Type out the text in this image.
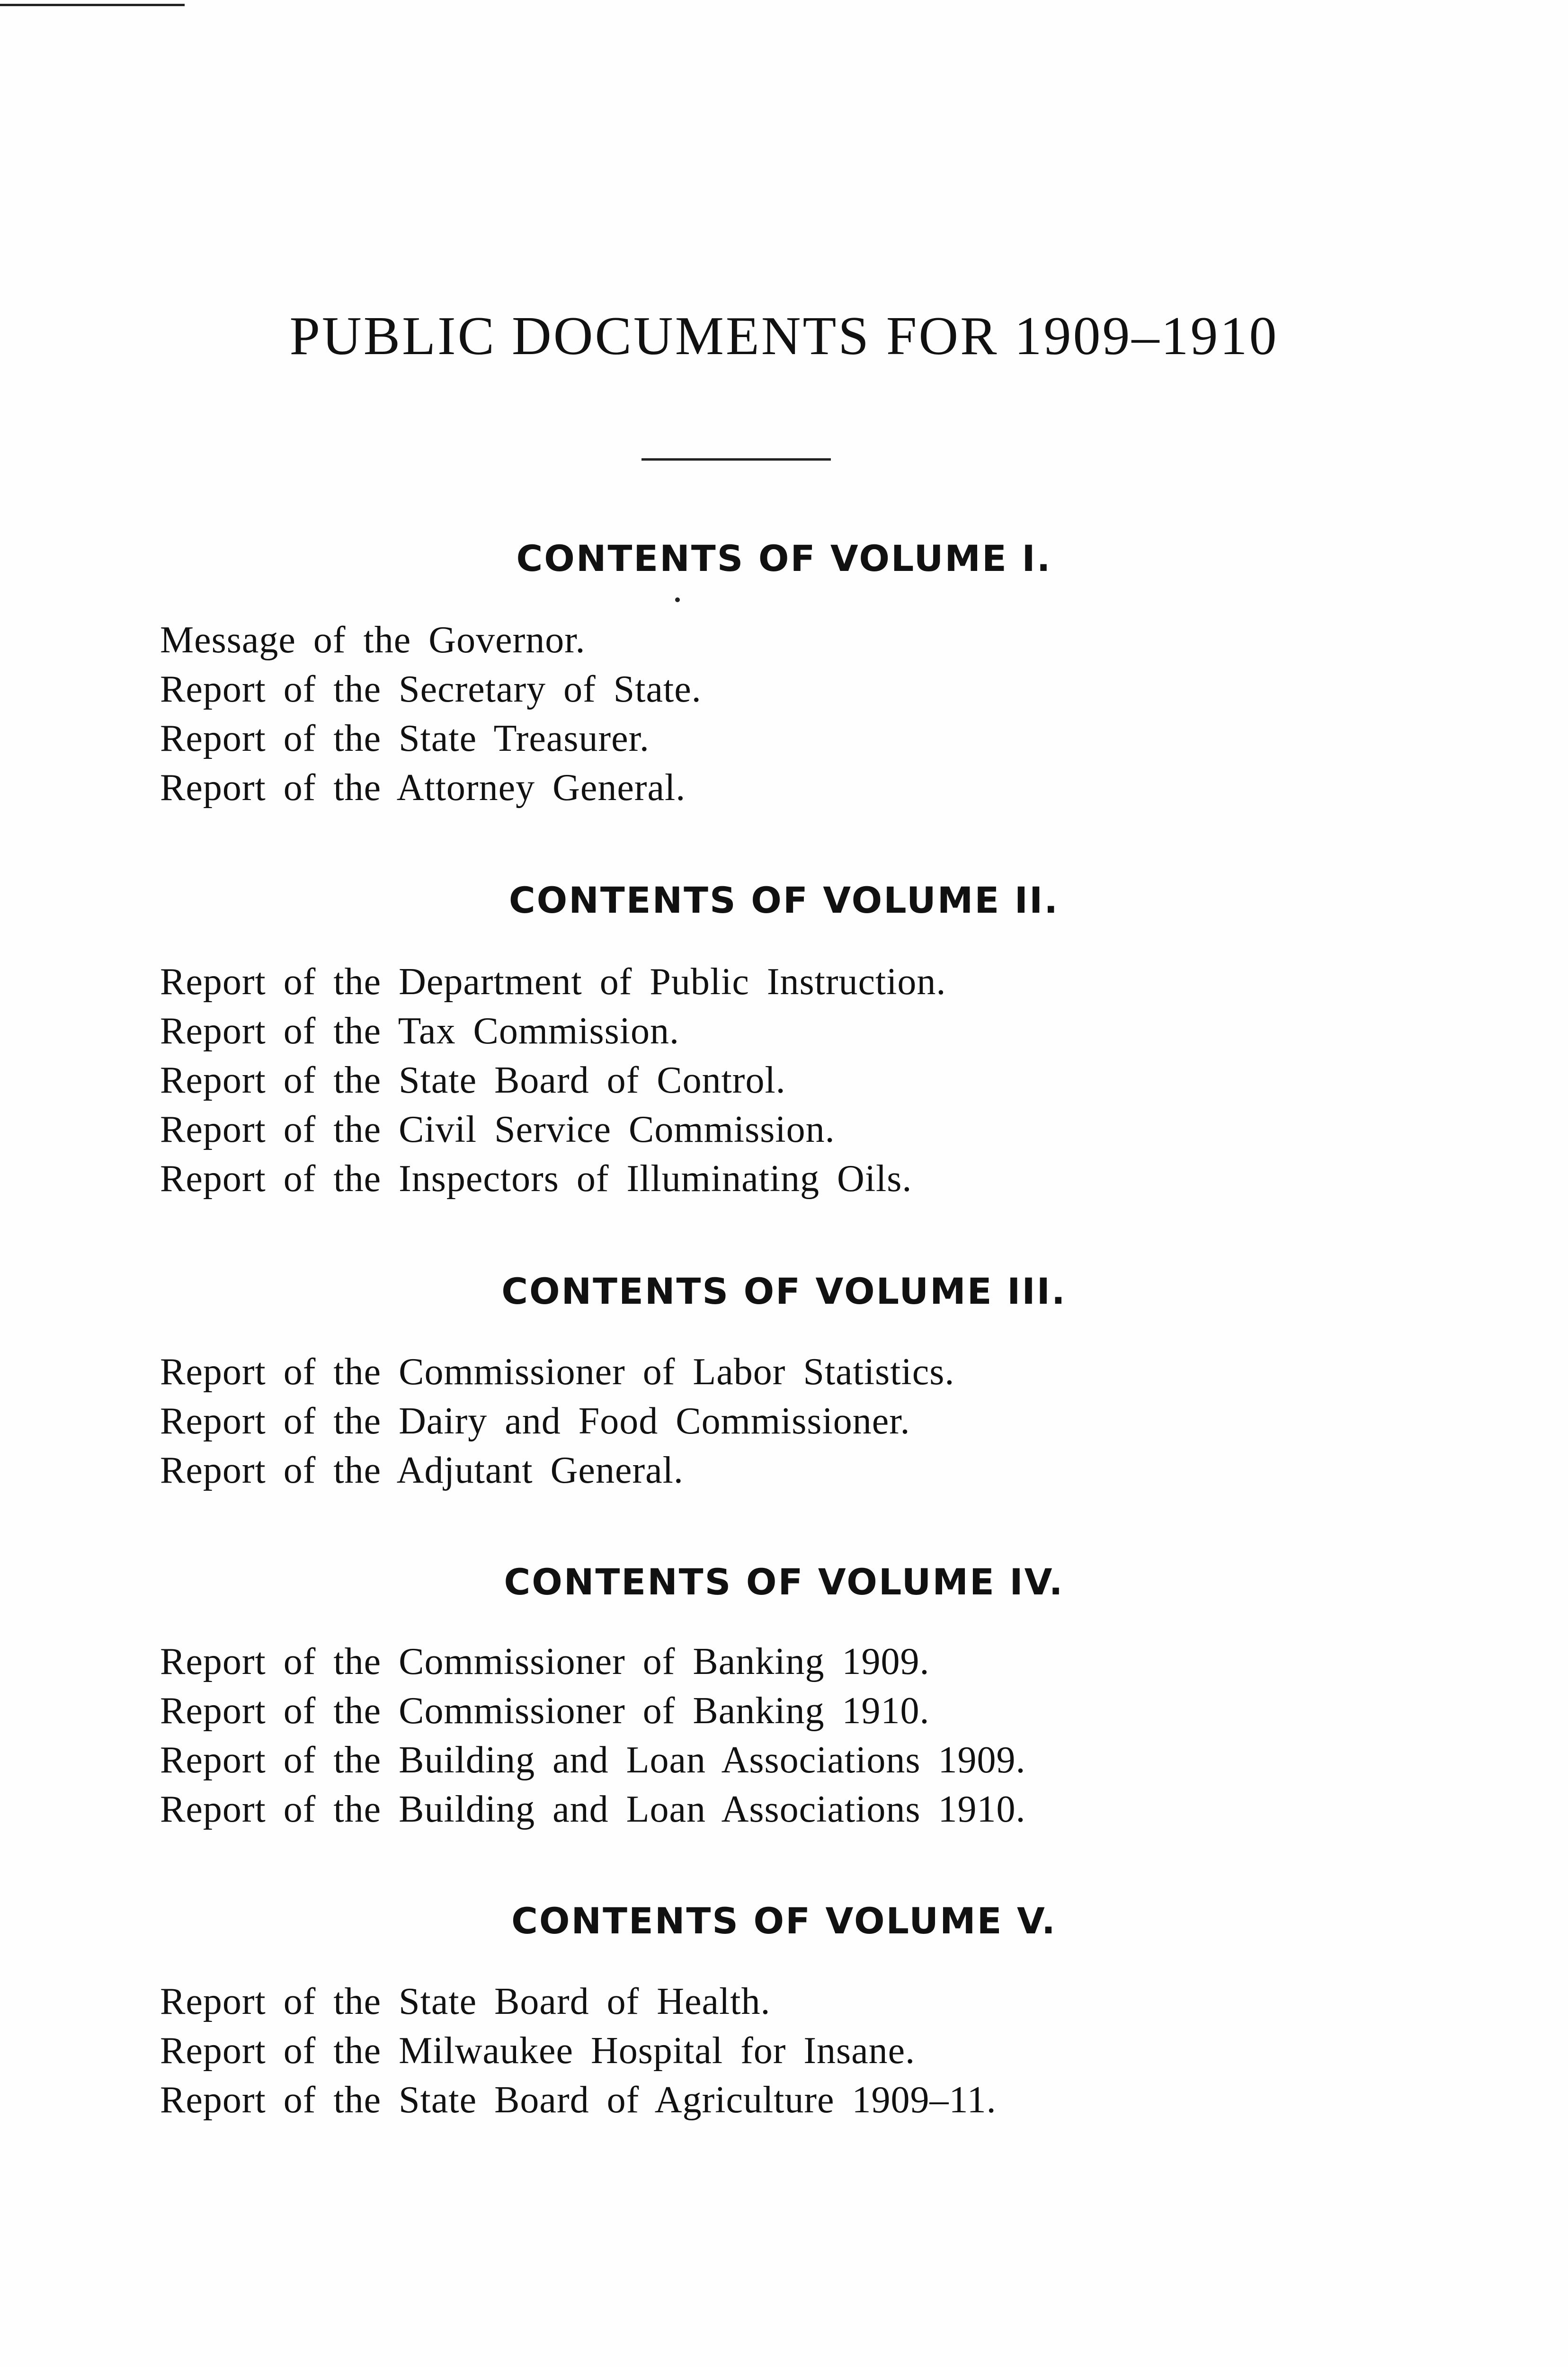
PUBLIC DOCUMENTS FOR 1909–1910
CONTENTS OF VOLUME I.
Message of the Governor.
Report of the Secretary of State.
Report of the State Treasurer.
Report of the Attorney General.
CONTENTS OF VOLUME II.
Report of the Department of Public Instruction.
Report of the Tax Commission.
Report of the State Board of Control.
Report of the Civil Service Commission.
Report of the Inspectors of Illuminating Oils.
CONTENTS OF VOLUME III.
Report of the Commissioner of Labor Statistics.
Report of the Dairy and Food Commissioner.
Report of the Adjutant General.
CONTENTS OF VOLUME IV.
Report of the Commissioner of Banking 1909.
Report of the Commissioner of Banking 1910.
Report of the Building and Loan Associations 1909.
Report of the Building and Loan Associations 1910.
CONTENTS OF VOLUME V.
Report of the State Board of Health.
Report of the Milwaukee Hospital for Insane.
Report of the State Board of Agriculture 1909–11.
